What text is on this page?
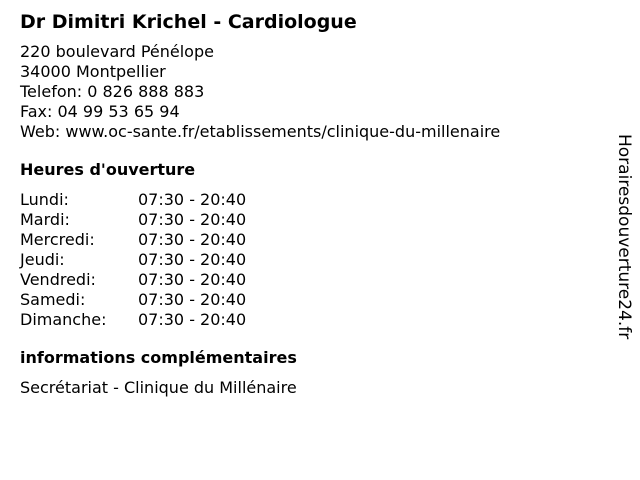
Dr Dimitri Krichel - Cardiologue
220 boulevard Pénélope
34000 Montpellier
Telefon: 0 826 888 883
Fax: 04 99 53 65 94
Web: www.oc-sante.fr/etablissements/clinique-du-millenaire
Heures d'ouverture
Lundi:	07:30 - 20:40
Mardi:	07:30 - 20:40
Mercredi:	07:30 - 20:40
Jeudi:	07:30 - 20:40
Vendredi:	07:30 - 20:40
Samedi:	07:30 - 20:40
Dimanche:	07:30 - 20:40
informations complémentaires
Secrétariat - Clinique du Millénaire
Horairesdouverture24.fr
